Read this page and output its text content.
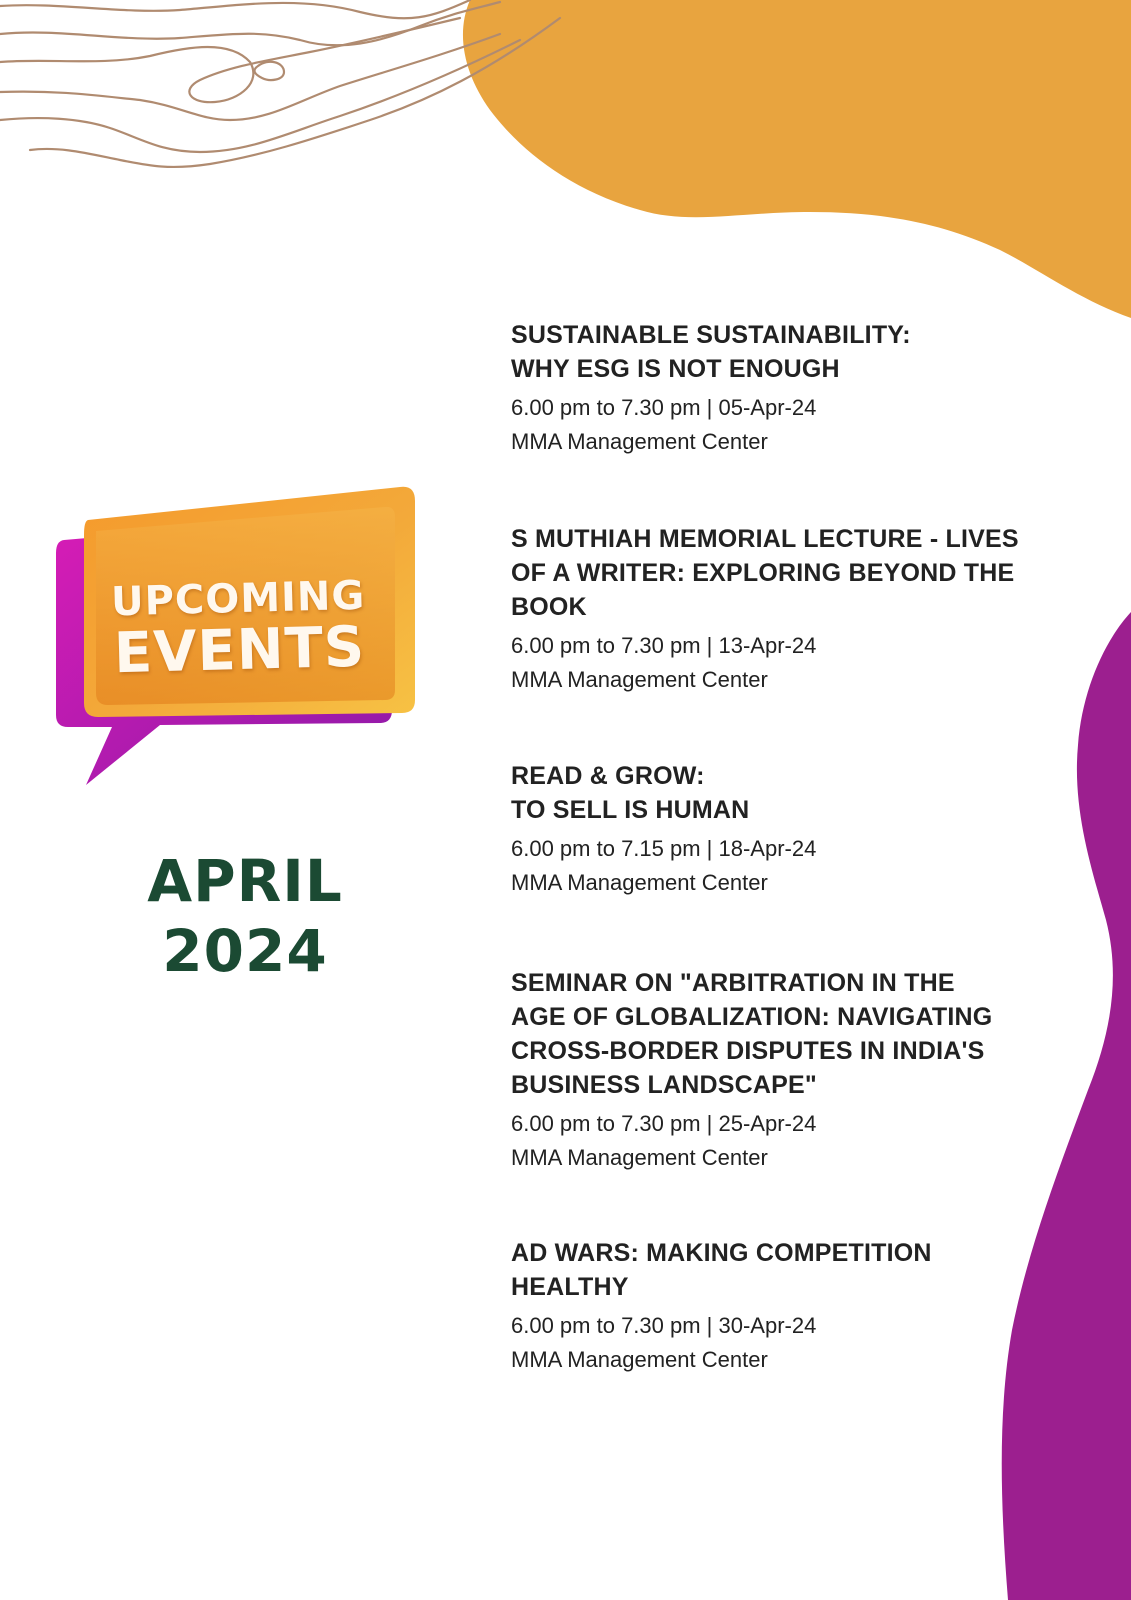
UPCOMING
EVENTS
APRIL
2024
SUSTAINABLE SUSTAINABILITY:
WHY ESG IS NOT ENOUGH

6.00 pm to 7.30 pm | 05-Apr-24

MMA Management Center

S MUTHIAH MEMORIAL LECTURE - LIVES
OF A WRITER: EXPLORING BEYOND THE
BOOK

6.00 pm to 7.30 pm | 13-Apr-24

MMA Management Center

READ & GROW:
TO SELL IS HUMAN

6.00 pm to 7.15 pm | 18-Apr-24

MMA Management Center

SEMINAR ON "ARBITRATION IN THE
AGE OF GLOBALIZATION: NAVIGATING
CROSS-BORDER DISPUTES IN INDIA'S
BUSINESS LANDSCAPE"

6.00 pm to 7.30 pm | 25-Apr-24

MMA Management Center

AD WARS: MAKING COMPETITION
HEALTHY

6.00 pm to 7.30 pm | 30-Apr-24

MMA Management Center
